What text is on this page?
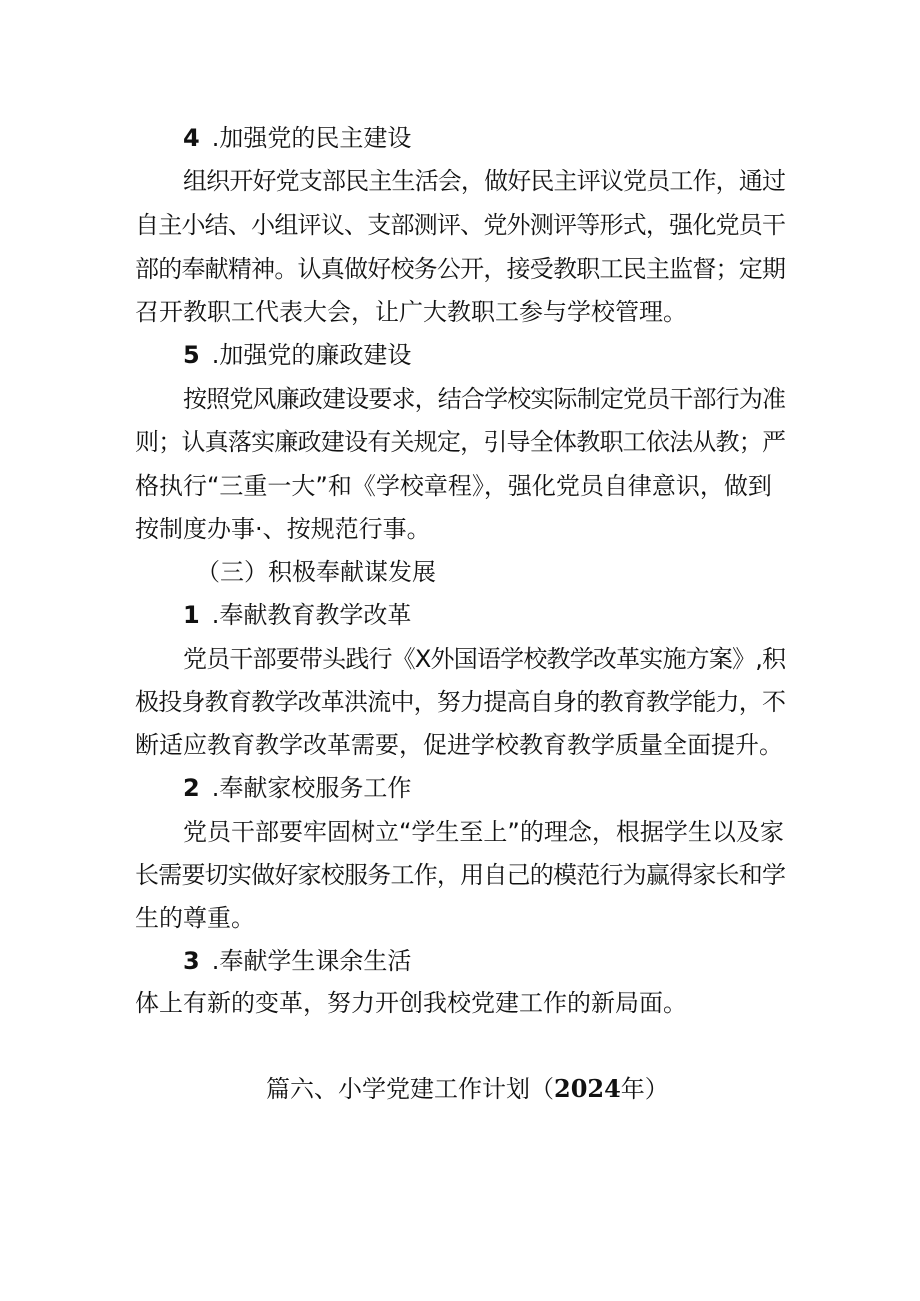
4 .加强党的民主建设
组织开好党支部民主生活会，做好民主评议党员工作，通过
自主小结、小组评议、支部测评、党外测评等形式，强化党员干
部的奉献精神。认真做好校务公开，接受教职工民主监督；定期
召开教职工代表大会，让广大教职工参与学校管理。
5 .加强党的廉政建设
按照党风廉政建设要求，结合学校实际制定党员干部行为准
则；认真落实廉政建设有关规定，引导全体教职工依法从教；严
格执行“三重一大”和《学校章程》，强化党员自律意识，做到
按制度办事·、按规范行事。
（三）积极奉献谋发展
1 .奉献教育教学改革
党员干部要带头践行《X外国语学校教学改革实施方案》,积
极投身教育教学改革洪流中，努力提高自身的教育教学能力，不
断适应教育教学改革需要，促进学校教育教学质量全面提升。
2 .奉献家校服务工作
党员干部要牢固树立“学生至上”的理念，根据学生以及家
长需要切实做好家校服务工作，用自己的模范行为赢得家长和学
生的尊重。
3 .奉献学生课余生活
体上有新的变革，努力开创我校党建工作的新局面。
篇六、小学党建工作计划（2024年）
